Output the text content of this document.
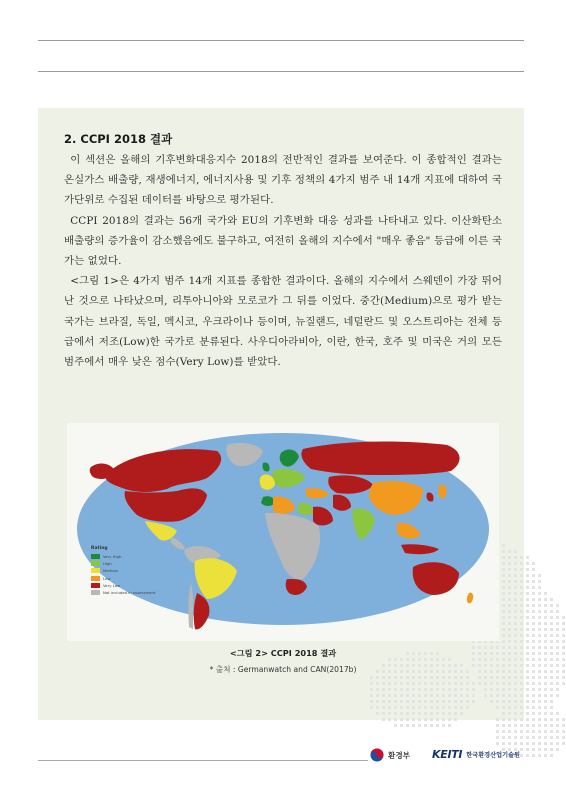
2. CCPI 2018 결과

이 섹션은 올해의 기후변화대응지수 2018의 전반적인 결과를 보여준다. 이 종합적인 결과는 온실가스 배출량, 재생에너지, 에너지사용 및 기후 정책의 4가지 범주 내 14개 지표에 대하여 국가단위로 수집된 데이터를 바탕으로 평가된다.

CCPI 2018의 결과는 56개 국가와 EU의 기후변화 대응 성과를 나타내고 있다. 이산화탄소 배출량의 증가율이 감소했음에도 불구하고, 여전히 올해의 지수에서 "매우 좋음" 등급에 이른 국가는 없었다.

<그림 1>은 4가지 범주 14개 지표를 종합한 결과이다. 올해의 지수에서 스웨덴이 가장 뛰어난 것으로 나타났으며, 리투아니아와 모로코가 그 뒤를 이었다. 중간(Medium)으로 평가 받는 국가는 브라질, 독일, 멕시코, 우크라이나 등이며, 뉴질랜드, 네덜란드 및 오스트리아는 전체 등급에서 저조(Low)한 국가로 분류된다. 사우디아라비아, 이란, 한국, 호주 및 미국은 거의 모든 범주에서 매우 낮은 점수(Very Low)를 받았다.

Rating
Very High
High
Medium
Low
Very Low
Not included in assessment
<그림 2> CCPI 2018 결과
* 출처 : Germanwatch and CAN(2017b)
환경부 KEITI 한국환경산업기술원
